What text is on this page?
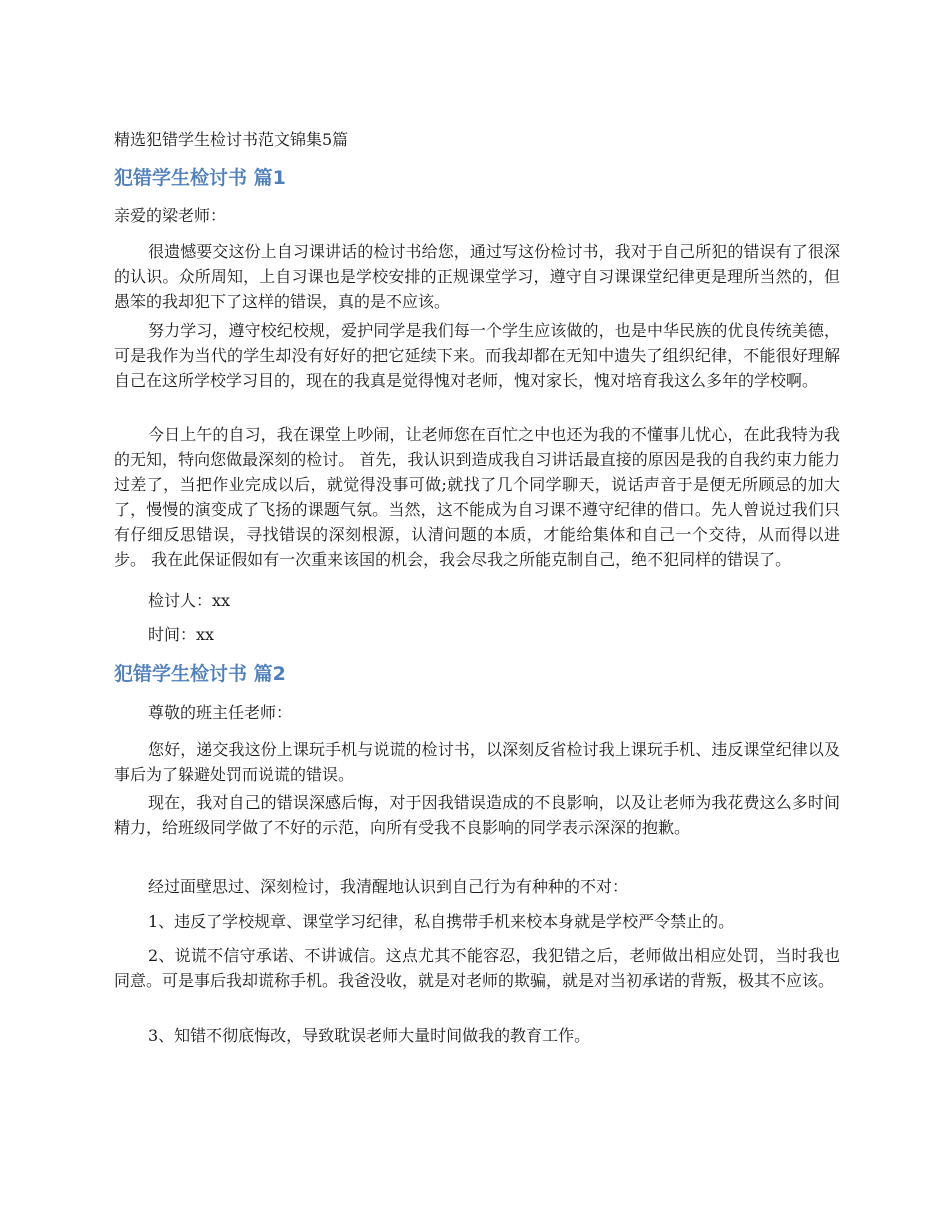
精选犯错学生检讨书范文锦集5篇
犯错学生检讨书 篇1

亲爱的梁老师：

很遗憾要交这份上自习课讲话的检讨书给您，通过写这份检讨书，我对于自己所犯的错误有了很深的认识。众所周知，上自习课也是学校安排的正规课堂学习，遵守自习课课堂纪律更是理所当然的，但愚笨的我却犯下了这样的错误，真的是不应该。

努力学习，遵守校纪校规，爱护同学是我们每一个学生应该做的，也是中华民族的优良传统美德，可是我作为当代的学生却没有好好的把它延续下来。而我却都在无知中遗失了组织纪律，不能很好理解自己在这所学校学习目的，现在的我真是觉得愧对老师，愧对家长，愧对培育我这么多年的学校啊。

今日上午的自习，我在课堂上吵闹，让老师您在百忙之中也还为我的不懂事儿忧心，在此我特为我的无知，特向您做最深刻的检讨。 首先，我认识到造成我自习讲话最直接的原因是我的自我约束力能力过差了，当把作业完成以后，就觉得没事可做;就找了几个同学聊天，说话声音于是便无所顾忌的加大了，慢慢的演变成了飞扬的课题气氛。当然，这不能成为自习课不遵守纪律的借口。先人曾说过我们只有仔细反思错误，寻找错误的深刻根源，认清问题的本质，才能给集体和自己一个交待，从而得以进步。 我在此保证假如有一次重来该国的机会，我会尽我之所能克制自己，绝不犯同样的错误了。

检讨人：xx

时间：xx

犯错学生检讨书 篇2

尊敬的班主任老师：

您好，递交我这份上课玩手机与说谎的检讨书，以深刻反省检讨我上课玩手机、违反课堂纪律以及事后为了躲避处罚而说谎的错误。

现在，我对自己的错误深感后悔，对于因我错误造成的不良影响，以及让老师为我花费这么多时间精力，给班级同学做了不好的示范，向所有受我不良影响的同学表示深深的抱歉。

经过面壁思过、深刻检讨，我清醒地认识到自己行为有种种的不对：

1、违反了学校规章、课堂学习纪律，私自携带手机来校本身就是学校严令禁止的。

2、说谎不信守承诺、不讲诚信。这点尤其不能容忍，我犯错之后，老师做出相应处罚，当时我也同意。可是事后我却谎称手机。我爸没收，就是对老师的欺骗，就是对当初承诺的背叛，极其不应该。

3、知错不彻底悔改，导致耽误老师大量时间做我的教育工作。
